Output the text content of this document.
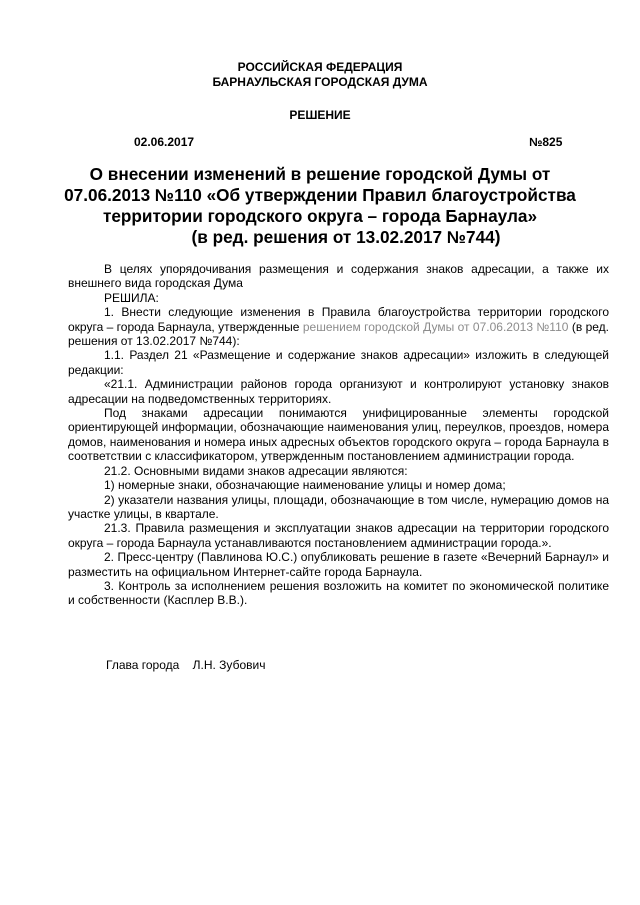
РОССИЙСКАЯ ФЕДЕРАЦИЯ
БАРНАУЛЬСКАЯ ГОРОДСКАЯ ДУМА
РЕШЕНИЕ
02.06.2017	№825
О внесении изменений в решение городской Думы от
07.06.2013 №110 «Об утверждении Правил благоустройства
территории городского округа – города Барнаула»
(в ред. решения от 13.02.2017 №744)

В целях упорядочивания размещения и содержания знаков адресации, а также их внешнего вида городская Дума

РЕШИЛА:

1. Внести следующие изменения в Правила благоустройства территории городского округа – города Барнаула, утвержденные решением городской Думы от 07.06.2013 №110 (в ред. решения от 13.02.2017 №744):

1.1. Раздел 21 «Размещение и содержание знаков адресации» изложить в следующей редакции:

«21.1. Администрации районов города организуют и контролируют установку знаков адресации на подведомственных территориях.

Под знаками адресации понимаются унифицированные элементы городской ориентирующей информации, обозначающие наименования улиц, переулков, проездов, номера домов, наименования и номера иных адресных объектов городского округа – города Барнаула в соответствии с классификатором, утвержденным постановлением администрации города.

21.2. Основными видами знаков адресации являются:

1) номерные знаки, обозначающие наименование улицы и номер дома;

2) указатели названия улицы, площади, обозначающие в том числе, нумерацию домов на участке улицы, в квартале.

21.3. Правила размещения и эксплуатации знаков адресации на территории городского округа – города Барнаула устанавливаются постановлением администрации города.».

2. Пресс-центру (Павлинова Ю.С.) опубликовать решение в газете «Вечерний Барнаул» и разместить на официальном Интернет-сайте города Барнаула.

3. Контроль за исполнением решения возложить на комитет по экономической политике и собственности (Касплер В.В.).

Глава города Л.Н. Зубович
